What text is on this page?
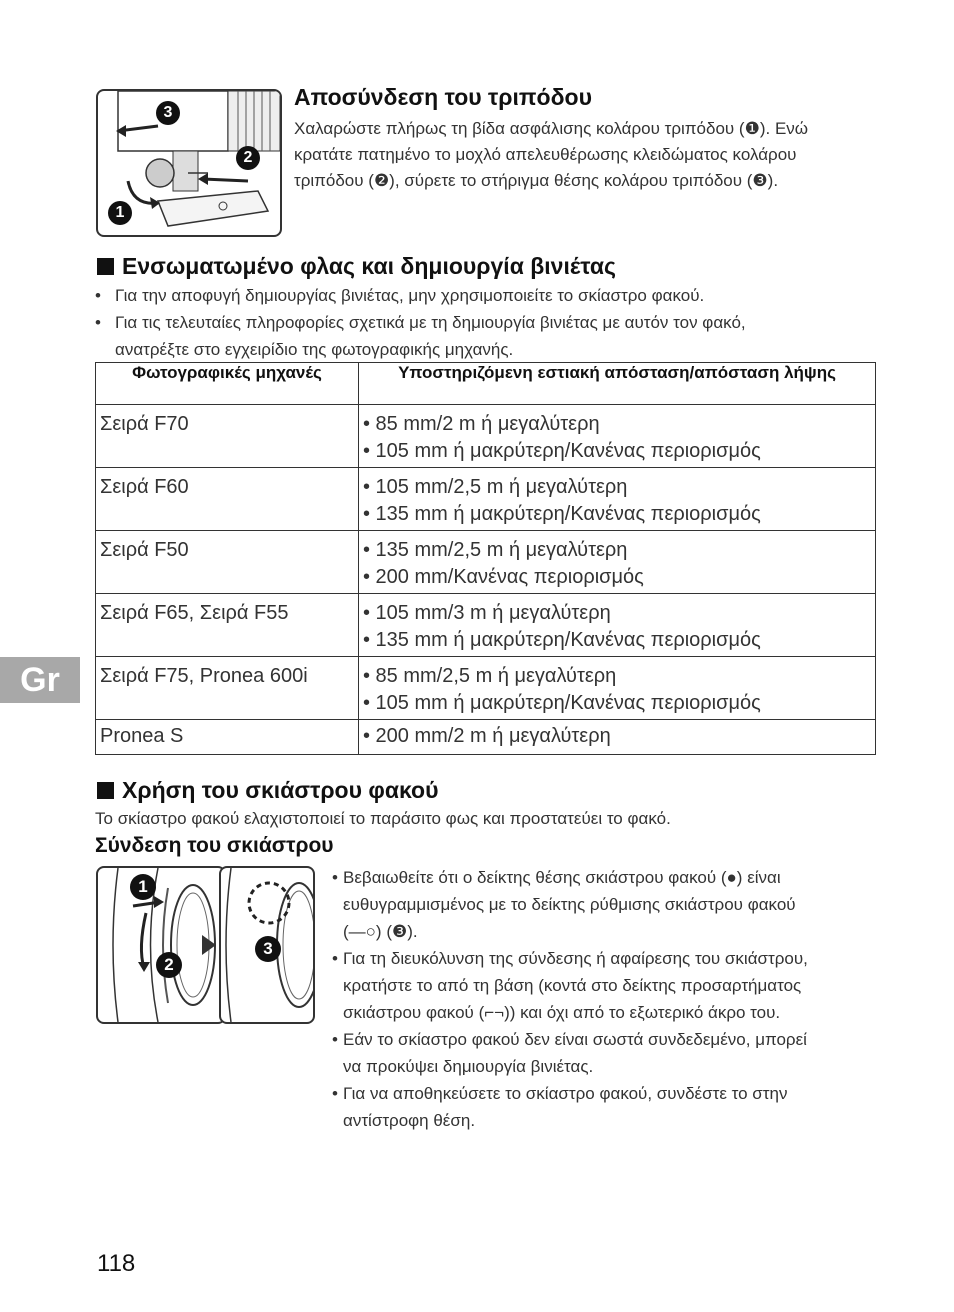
3
2
1
Αποσύνδεση του τριπόδου
Χαλαρώστε πλήρως τη βίδα ασφάλισης κολάρου τριπόδου (❶). Ενώ
κρατάτε πατημένο το μοχλό απελευθέρωσης κλειδώματος κολάρου
τριπόδου (❷), σύρετε το στήριγμα θέσης κολάρου τριπόδου (❸).
Ενσωματωμένο φλας και δημιουργία βινιέτας
• Για την αποφυγή δημιουργίας βινιέτας, μην χρησιμοποιείτε το σκίαστρο φακού.
• Για τις τελευταίες πληροφορίες σχετικά με τη δημιουργία βινιέτας με αυτόν τον φακό,
ανατρέξτε στο εγχειρίδιο της φωτογραφικής μηχανής.
Φωτογραφικές μηχανές	Υποστηριζόμενη εστιακή απόσταση/απόσταση λήψης
Σειρά F70	• 85 mm/2 m ή μεγαλύτερη
• 105 mm ή μακρύτερη/Κανένας περιορισμός

Σειρά F60	• 105 mm/2,5 m ή μεγαλύτερη
• 135 mm ή μακρύτερη/Κανένας περιορισμός

Σειρά F50	• 135 mm/2,5 m ή μεγαλύτερη
• 200 mm/Κανένας περιορισμός

Σειρά F65, Σειρά F55	• 105 mm/3 m ή μεγαλύτερη
• 135 mm ή μακρύτερη/Κανένας περιορισμός

Σειρά F75, Pronea 600i	• 85 mm/2,5 m ή μεγαλύτερη
• 105 mm ή μακρύτερη/Κανένας περιορισμός

Pronea S	• 200 mm/2 m ή μεγαλύτερη
Gr
Χρήση του σκιάστρου φακού
Το σκίαστρο φακού ελαχιστοποιεί το παράσιτο φως και προστατεύει το φακό.
Σύνδεση του σκιάστρου
1
2
3
• Βεβαιωθείτε ότι ο δείκτης θέσης σκιάστρου φακού (●) είναι
ευθυγραμμισμένος με το δείκτης ρύθμισης σκιάστρου φακού
(—○) (❸).
• Για τη διευκόλυνση της σύνδεσης ή αφαίρεσης του σκιάστρου,
κρατήστε το από τη βάση (κοντά στο δείκτης προσαρτήματος
σκιάστρου φακού (⌐¬)) και όχι από το εξωτερικό άκρο του.
• Εάν το σκίαστρο φακού δεν είναι σωστά συνδεδεμένο, μπορεί
να προκύψει δημιουργία βινιέτας.
• Για να αποθηκεύσετε το σκίαστρο φακού, συνδέστε το στην
αντίστροφη θέση.
118
